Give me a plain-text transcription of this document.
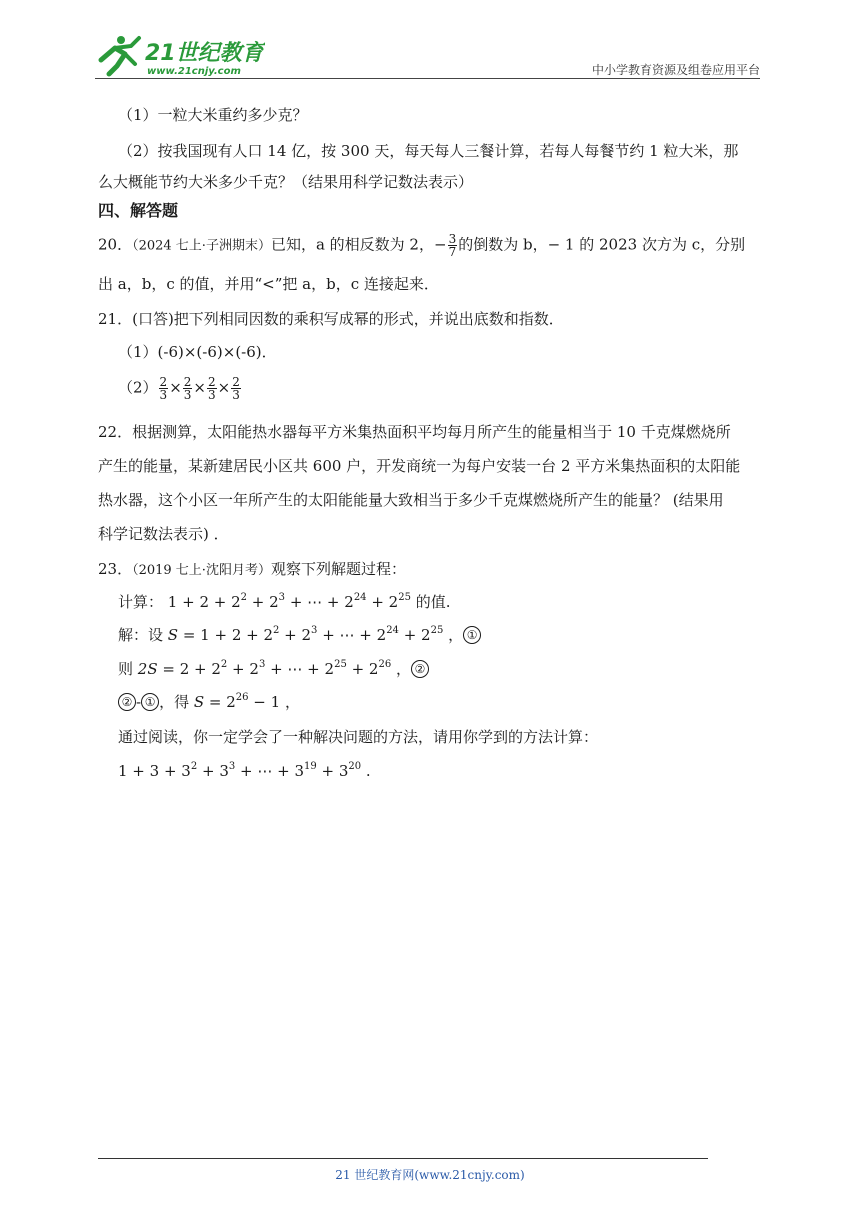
21世纪教育
www.21cnjy.com	中小学教育资源及组卷应用平台
（1）一粒大米重约多少克？
（2）按我国现有人口 14 亿，按 300 天，每天每人三餐计算，若每人每餐节约 1 粒大米，那
么大概能节约大米多少千克？（结果用科学记数法表示）
四、解答题
20．（2024 七上·子洲期末）已知，a 的相反数为 2，− $\frac{3}{7}$ 的倒数为 b，− 1 的 2023 次方为 c，分别
出 a，b，c 的值，并用“<”把 a，b，c 连接起来．
21．(口答)把下列相同因数的乘积写成幂的形式，并说出底数和指数．
（1）(-6)×(-6)×(-6)．
$(2) \frac{2}{3} \times \frac{2}{3} \times \frac{2}{3} \times \frac{2}{3}$
22．根据测算，太阳能热水器每平方米集热面积平均每月所产生的能量相当于 10 千克煤燃烧所
产生的能量，某新建居民小区共 600 户，开发商统一为每户安装一台 2 平方米集热面积的太阳能
热水器，这个小区一年所产生的太阳能能量大致相当于多少千克煤燃烧所产生的能量？ (结果用
科学记数法表示) ．
23．（2019 七上·沈阳月考）观察下列解题过程：
计算： $1 + 2 + 2^2 + 2^3$ + ⋯ + $2^{24} + 2^{25}$ 的值.
解：设 $S = 1 + 2 + 2^2 + 2^3$ + ⋯ + $2^{24} + 2^{25}$ ， ①
则 $2S = 2 + 2^2 + 2^3$ + ⋯ + $2^{25} + 2^{26}$ ， ②
② - ① ，得 $S = 2^{26} - 1$ ，
通过阅读，你一定学会了一种解决问题的方法，请用你学到的方法计算：
$1 + 3 + 3^2 + 3^3$ + ⋯ + $3^{19} + 3^{20}$ .
21 世纪教育网(www.21cnjy.com)
